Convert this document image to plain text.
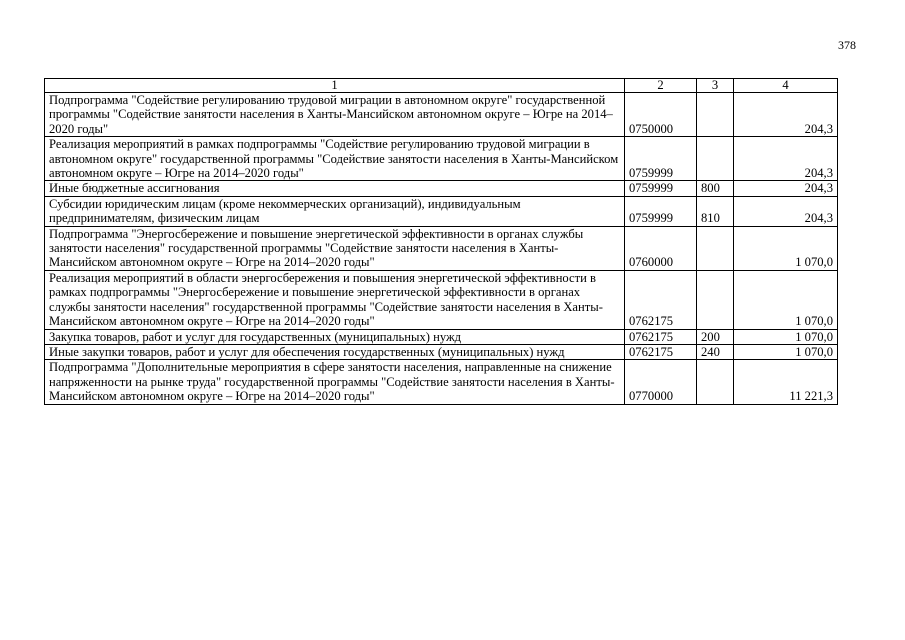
378
1	2	3	4
Подпрограмма "Содействие регулированию трудовой миграции в автономном округе" государственной программы "Содействие занятости населения в Ханты-Мансийском автономном округе – Югре на 2014–2020 годы"	0750000		204,3
Реализация мероприятий в рамках подпрограммы "Содействие регулированию трудовой миграции в автономном округе" государственной программы "Содействие занятости населения в Ханты-Мансийском автономном округе – Югре на 2014–2020 годы"	0759999		204,3
Иные бюджетные ассигнования	0759999	800	204,3
Субсидии юридическим лицам (кроме некоммерческих организаций), индивидуальным предпринимателям, физическим лицам	0759999	810	204,3
Подпрограмма "Энергосбережение и повышение энергетической эффективности в органах службы занятости населения" государственной программы "Содействие занятости населения в Ханты-Мансийском автономном округе – Югре на 2014–2020 годы"	0760000		1 070,0
Реализация мероприятий в области энергосбережения и повышения энергетической эффективности в рамках подпрограммы "Энергосбережение и повышение энергетической эффективности в органах службы занятости населения" государственной программы "Содействие занятости населения в Ханты-Мансийском автономном округе – Югре на 2014–2020 годы"	0762175		1 070,0
Закупка товаров, работ и услуг для государственных (муниципальных) нужд	0762175	200	1 070,0
Иные закупки товаров, работ и услуг для обеспечения государственных (муниципальных) нужд	0762175	240	1 070,0
Подпрограмма "Дополнительные мероприятия в сфере занятости населения, направленные на снижение напряженности на рынке труда" государственной программы "Содействие занятости населения в Ханты-Мансийском автономном округе – Югре на 2014–2020 годы"	0770000		11 221,3
